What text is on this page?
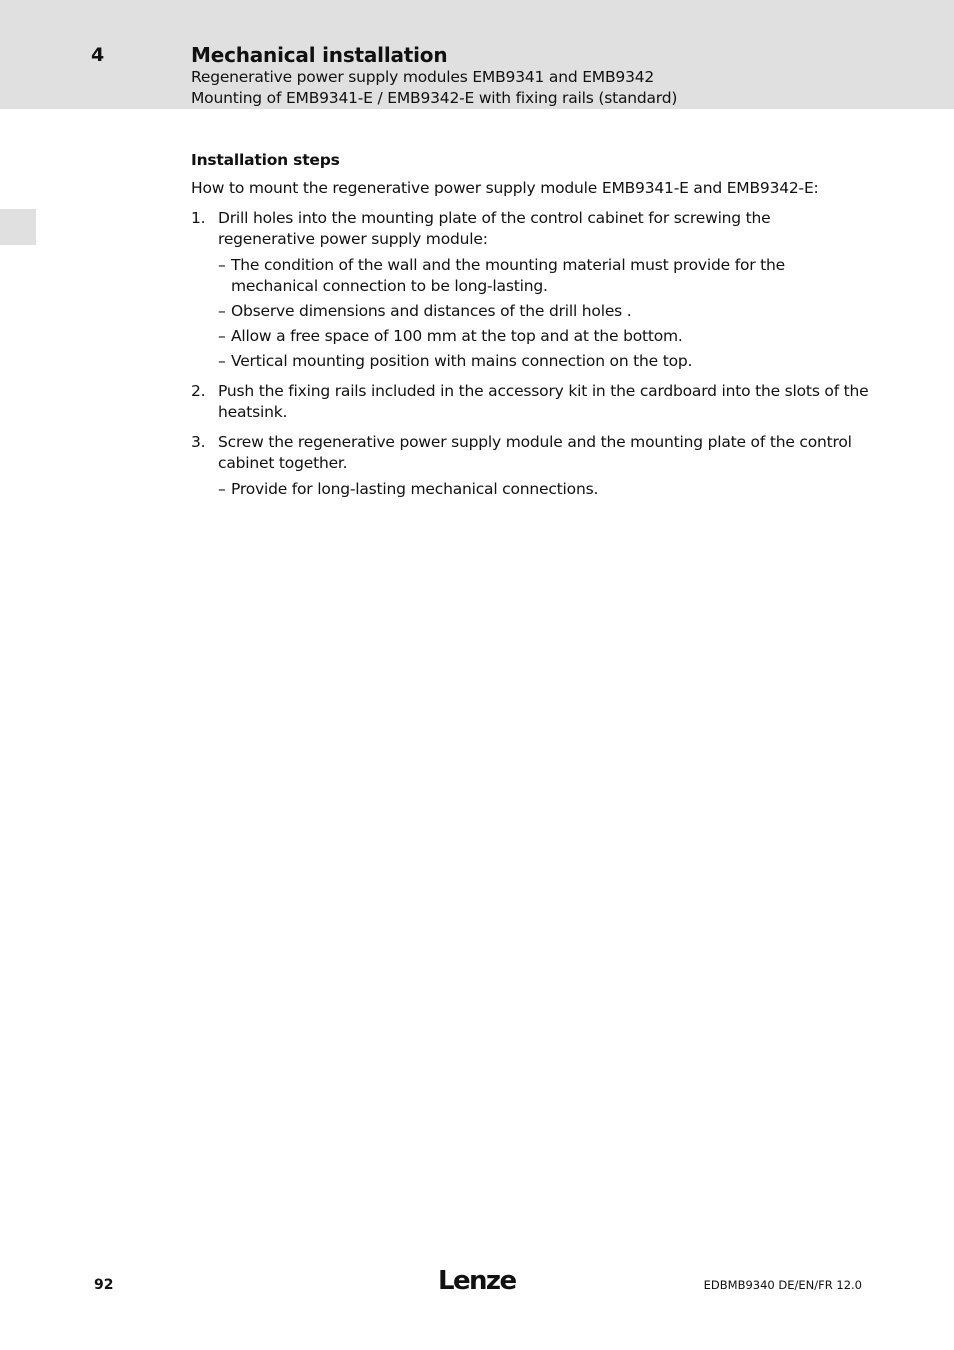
4	Mechanical installation
Regenerative power supply modules EMB9341 and EMB9342
Mounting of EMB9341-E / EMB9342-E with fixing rails (standard)

Installation steps

How to mount the regenerative power supply module EMB9341-E and EMB9342-E:

1. Drill holes into the mounting plate of the control cabinet for screwing the regenerative power supply module:

– The condition of the wall and the mounting material must provide for the mechanical connection to be long-lasting.
– Observe dimensions and distances of the drill holes .
– Allow a free space of 100 mm at the top and at the bottom.
– Vertical mounting position with mains connection on the top.
2. Push the fixing rails included in the accessory kit in the cardboard into the slots of the heatsink.

3. Screw the regenerative power supply module and the mounting plate of the control cabinet together.

– Provide for long-lasting mechanical connections.
92	Lenze	EDBMB9340 DE/EN/FR 12.0
